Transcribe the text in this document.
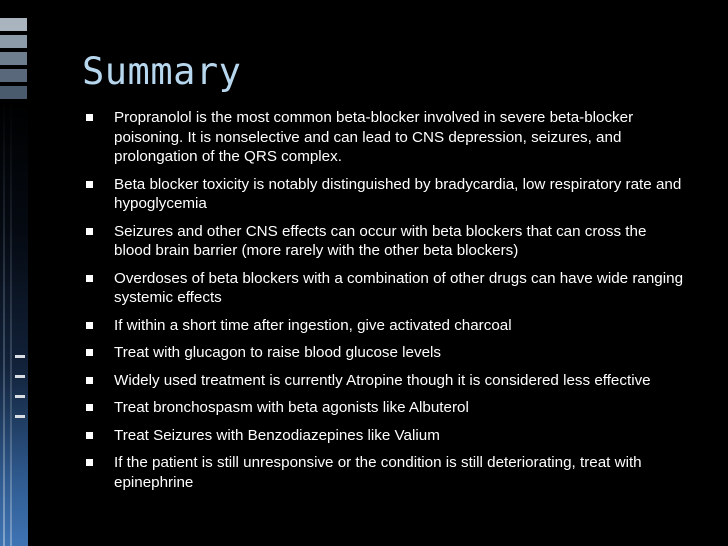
Summary
Propranolol is the most common beta-blocker involved in severe beta-blocker poisoning. It is nonselective and can lead to CNS depression, seizures, and prolongation of the QRS complex.
Beta blocker toxicity is notably distinguished by bradycardia, low respiratory rate and hypoglycemia
Seizures and other CNS effects can occur with beta blockers that can cross the blood brain barrier (more rarely with the other beta blockers)
Overdoses of beta blockers with a combination of other drugs can have wide ranging systemic effects
If within a short time after ingestion, give activated charcoal
Treat with glucagon to raise blood glucose levels
Widely used treatment is currently Atropine though it is considered less effective
Treat bronchospasm with beta agonists like Albuterol
Treat Seizures with Benzodiazepines like Valium
If the patient is still unresponsive or the condition is still deteriorating, treat with epinephrine
